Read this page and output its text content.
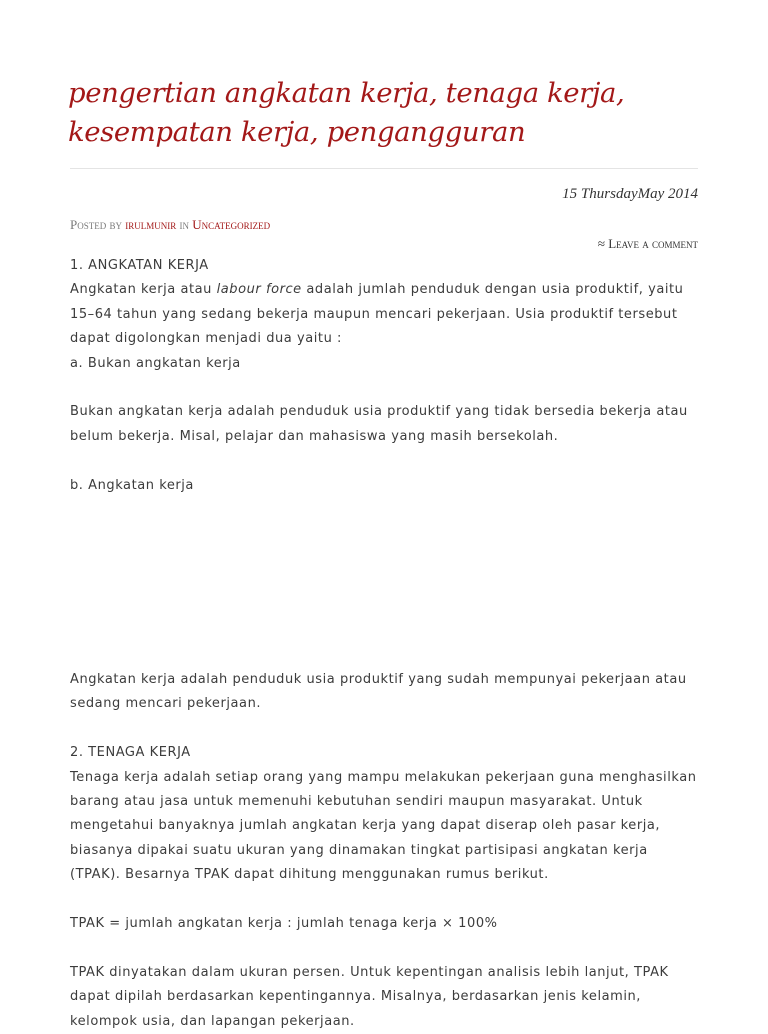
pengertian angkatan kerja, tenaga kerja, kesempatan kerja, pengangguran
15 ThursdayMay 2014
Posted by irulmunir in Uncategorized
≈ Leave a comment

1. ANGKATAN KERJA

Angkatan kerja atau labour force adalah jumlah penduduk dengan usia produktif, yaitu 15–64 tahun yang sedang bekerja maupun mencari pekerjaan. Usia produktif tersebut dapat digolongkan menjadi dua yaitu :

a. Bukan angkatan kerja

Bukan angkatan kerja adalah penduduk usia produktif yang tidak bersedia bekerja atau belum bekerja. Misal, pelajar dan mahasiswa yang masih bersekolah.

b. Angkatan kerja

Angkatan kerja adalah penduduk usia produktif yang sudah mempunyai pekerjaan atau sedang mencari pekerjaan.

2. TENAGA KERJA

Tenaga kerja adalah setiap orang yang mampu melakukan pekerjaan guna menghasilkan barang atau jasa untuk memenuhi kebutuhan sendiri maupun masyarakat. Untuk mengetahui banyaknya jumlah angkatan kerja yang dapat diserap oleh pasar kerja, biasanya dipakai suatu ukuran yang dinamakan tingkat partisipasi angkatan kerja (TPAK). Besarnya TPAK dapat dihitung menggunakan rumus berikut.

TPAK = jumlah angkatan kerja : jumlah tenaga kerja × 100%

TPAK dinyatakan dalam ukuran persen. Untuk kepentingan analisis lebih lanjut, TPAK dapat dipilah berdasarkan kepentingannya. Misalnya, berdasarkan jenis kelamin, kelompok usia, dan lapangan pekerjaan.
